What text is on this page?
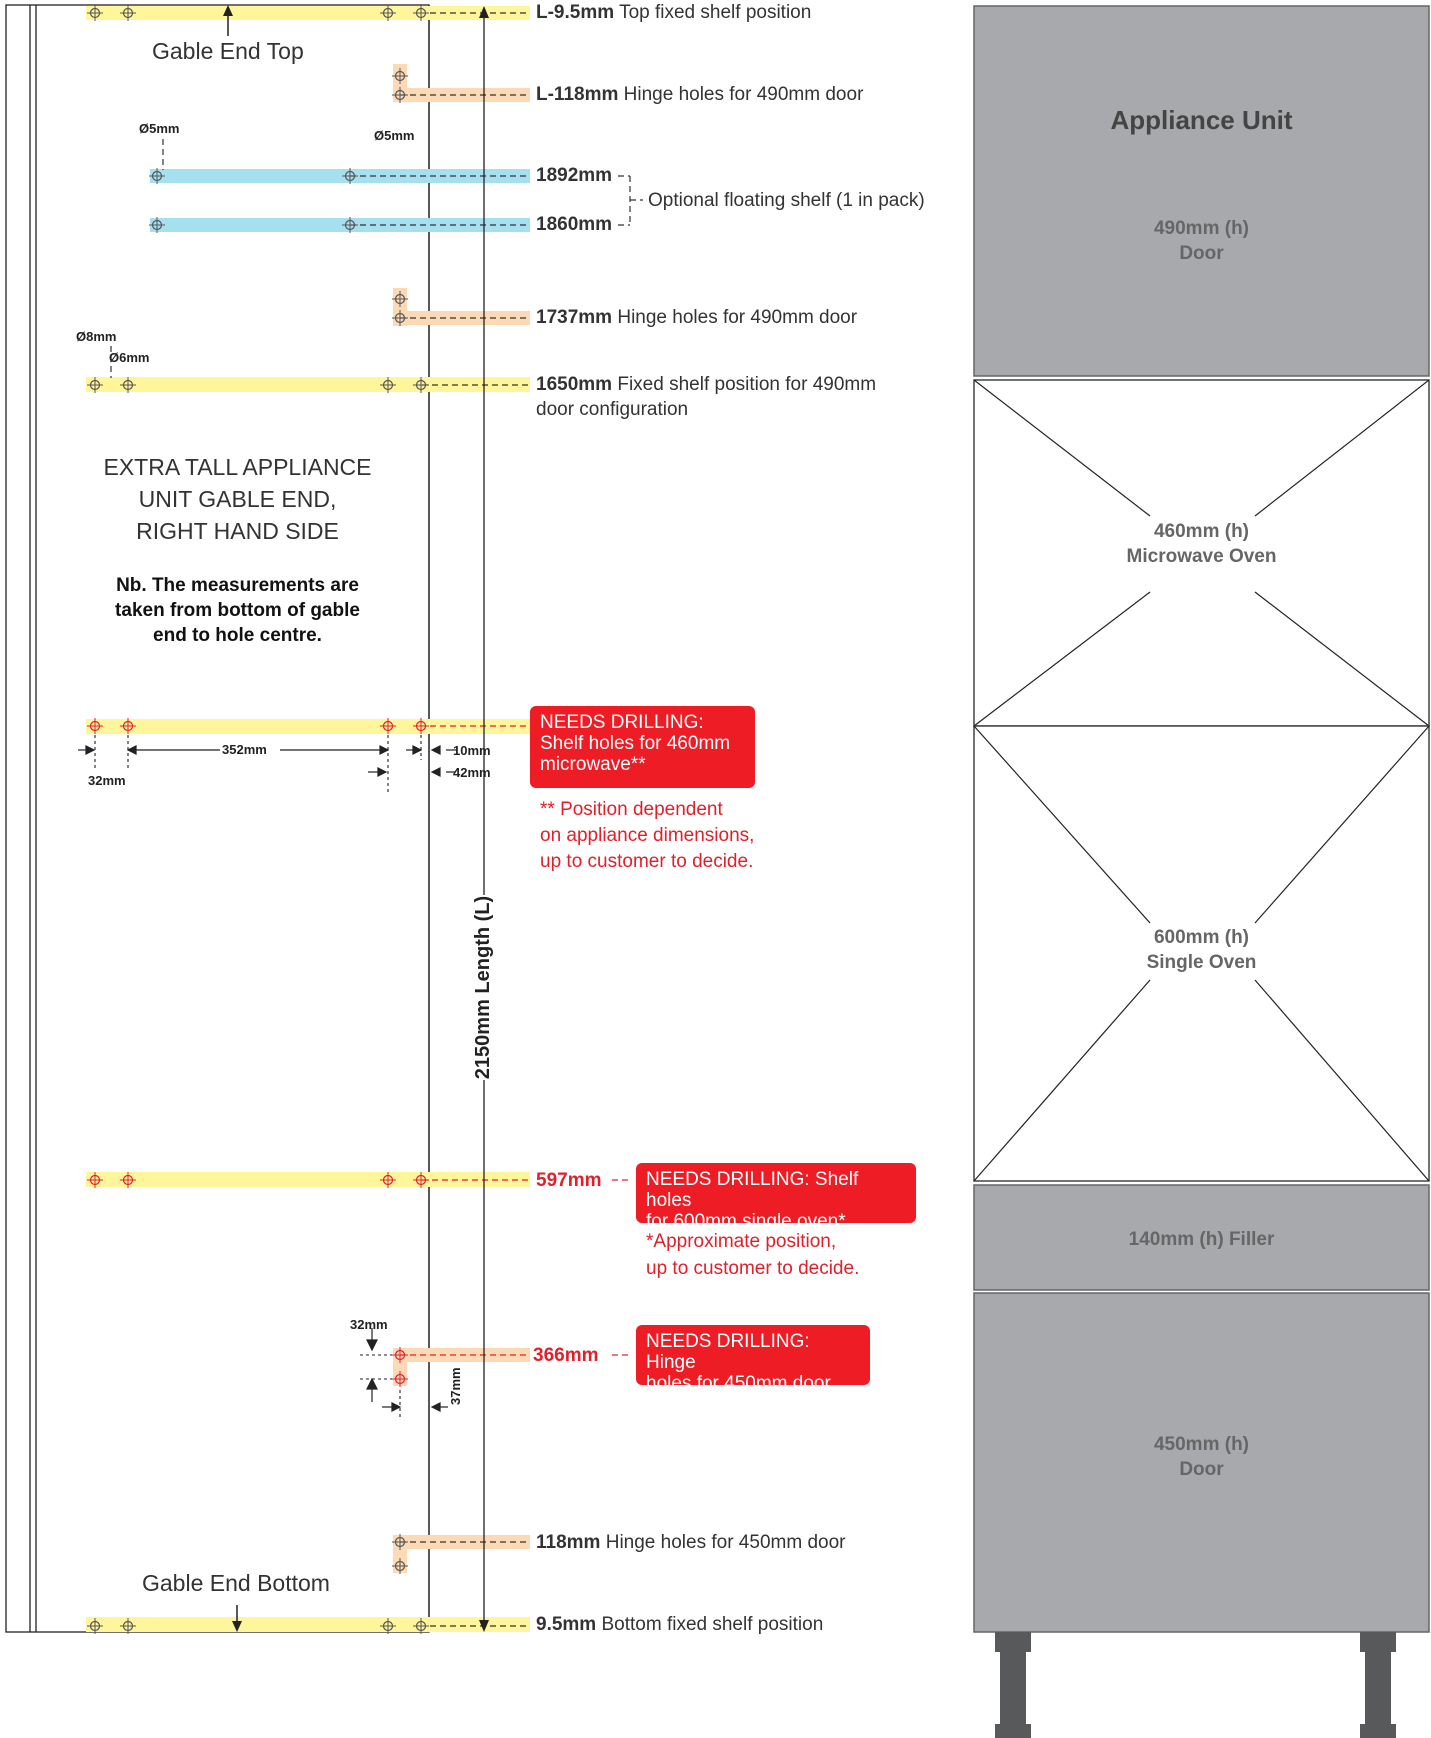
Gable End Top
Gable End Bottom
L-9.5mm Top fixed shelf position
L-118mm Hinge holes for 490mm door
1892mm
1860mm
Optional floating shelf (1 in pack)
1737mm Hinge holes for 490mm door
1650mm Fixed shelf position for 490mm
door configuration
597mm
366mm
118mm Hinge holes for 450mm door
9.5mm Bottom fixed shelf position
Ø5mm	Ø5mm
Ø8mm
Ø6mm
352mm
32mm
10mm
42mm
32mm
37mm
EXTRA TALL APPLIANCE
UNIT GABLE END,
RIGHT HAND SIDE
Nb. The measurements are
taken from bottom of gable
end to hole centre.
2150mm Length (L)
NEEDS DRILLING:
Shelf holes for 460mm
microwave**
** Position dependent
on appliance dimensions,
up to customer to decide.
NEEDS DRILLING: Shelf holes
for 600mm single oven*
*Approximate position,
up to customer to decide.
NEEDS DRILLING: Hinge
holes for 450mm door
Appliance Unit
490mm (h)
Door
460mm (h)
Microwave Oven
600mm (h)
Single Oven
140mm (h) Filler
450mm (h)
Door
